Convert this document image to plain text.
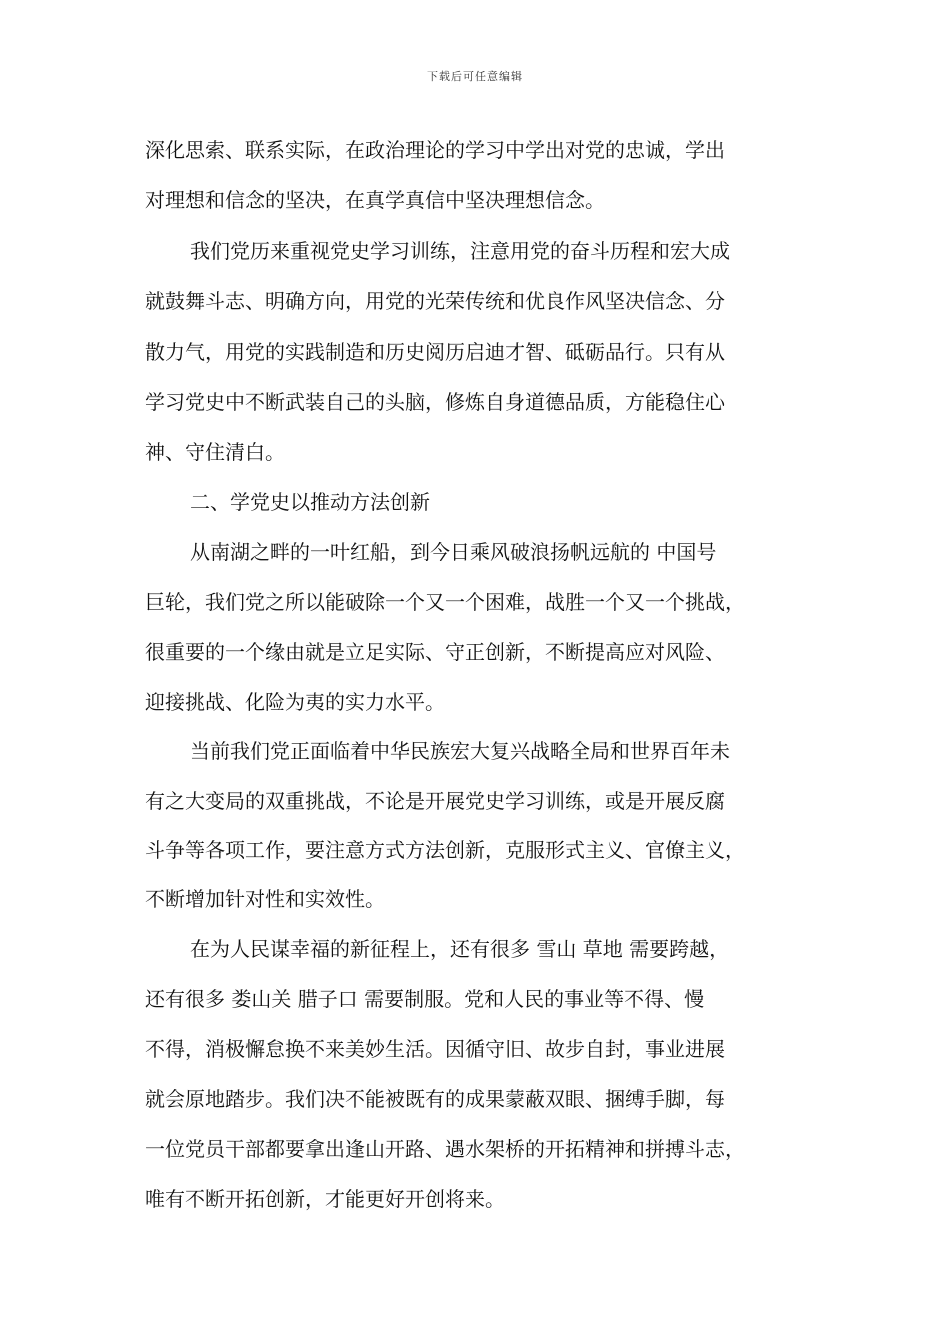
下载后可任意编辑
深化思索、联系实际，在政治理论的学习中学出对党的忠诚，学出
对理想和信念的坚决，在真学真信中坚决理想信念。
我们党历来重视党史学习训练，注意用党的奋斗历程和宏大成
就鼓舞斗志、明确方向，用党的光荣传统和优良作风坚决信念、分
散力气，用党的实践制造和历史阅历启迪才智、砥砺品行。只有从
学习党史中不断武装自己的头脑，修炼自身道德品质，方能稳住心
神、守住清白。
二、学党史以推动方法创新
从南湖之畔的一叶红船，到今日乘风破浪扬帆远航的 中国号
巨轮，我们党之所以能破除一个又一个困难，战胜一个又一个挑战，
很重要的一个缘由就是立足实际、守正创新，不断提高应对风险、
迎接挑战、化险为夷的实力水平。
当前我们党正面临着中华民族宏大复兴战略全局和世界百年未
有之大变局的双重挑战，不论是开展党史学习训练，或是开展反腐
斗争等各项工作，要注意方式方法创新，克服形式主义、官僚主义，
不断增加针对性和实效性。
在为人民谋幸福的新征程上，还有很多 雪山 草地 需要跨越，
还有很多 娄山关 腊子口 需要制服。党和人民的事业等不得、慢
不得，消极懈怠换不来美妙生活。因循守旧、故步自封，事业进展
就会原地踏步。我们决不能被既有的成果蒙蔽双眼、捆缚手脚，每
一位党员干部都要拿出逢山开路、遇水架桥的开拓精神和拼搏斗志，
唯有不断开拓创新，才能更好开创将来。
